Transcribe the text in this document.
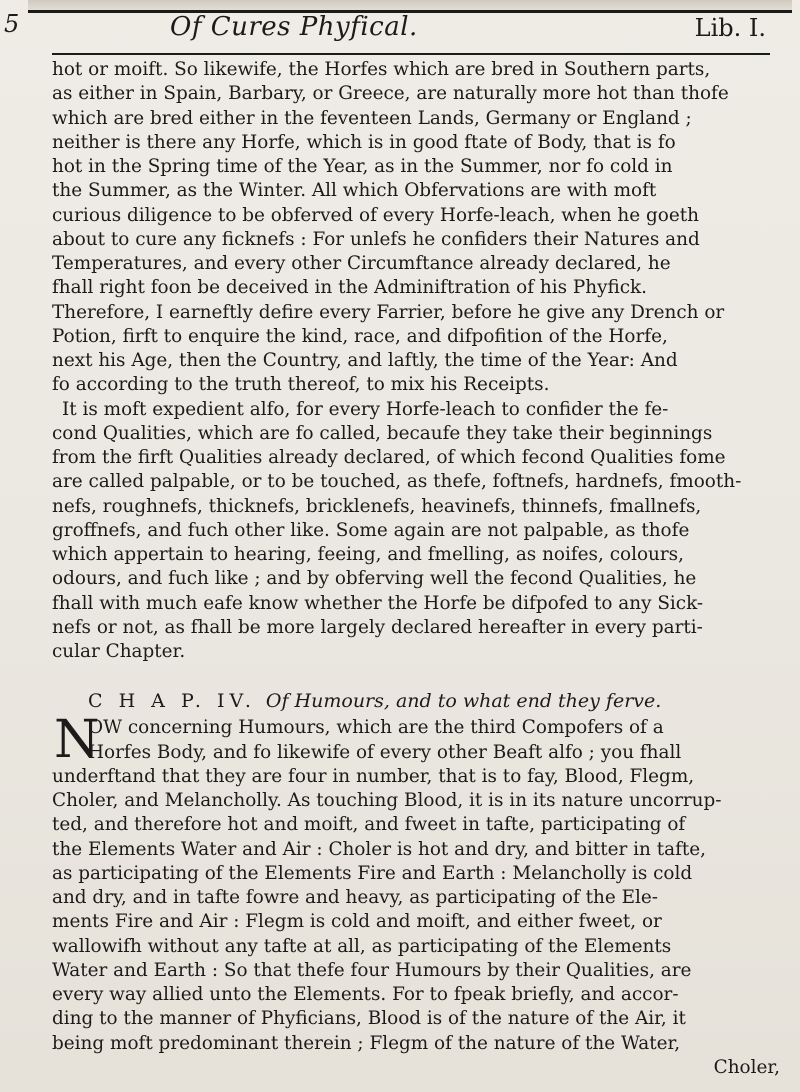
5	Of Cures Phyfical.	Lib. I.
hot or moift. So likewife, the Horfes which are bred in Southern parts,
as either in Spain, Barbary, or Greece, are naturally more hot than thofe
which are bred either in the feventeen Lands, Germany or England ;
neither is there any Horfe, which is in good ftate of Body, that is fo
hot in the Spring time of the Year, as in the Summer, nor fo cold in
the Summer, as the Winter. All which Obfervations are with moft
curious diligence to be obferved of every Horfe-leach, when he goeth
about to cure any ficknefs : For unlefs he confiders their Natures and
Temperatures, and every other Circumftance already declared, he
fhall right foon be deceived in the Adminiftration of his Phyfick.
Therefore, I earneftly defire every Farrier, before he give any Drench or
Potion, firft to enquire the kind, race, and difpofition of the Horfe,
next his Age, then the Country, and laftly, the time of the Year: And
fo according to the truth thereof, to mix his Receipts.
It is moft expedient alfo, for every Horfe-leach to confider the fe-
cond Qualities, which are fo called, becaufe they take their beginnings
from the firft Qualities already declared, of which fecond Qualities fome
are called palpable, or to be touched, as thefe, foftnefs, hardnefs, fmooth-
nefs, roughnefs, thicknefs, bricklenefs, heavinefs, thinnefs, fmallnefs,
groffnefs, and fuch other like. Some again are not palpable, as thofe
which appertain to hearing, feeing, and fmelling, as noifes, colours,
odours, and fuch like ; and by obferving well the fecond Qualities, he
fhall with much eafe know whether the Horfe be difpofed to any Sick-
nefs or not, as fhall be more largely declared hereafter in every parti-
cular Chapter.
C H A P. IV. Of Humours, and to what end they ferve.
N
OW concerning Humours, which are the third Compofers of a
Horfes Body, and fo likewife of every other Beaft alfo ; you fhall
underftand that they are four in number, that is to fay, Blood, Flegm,
Choler, and Melancholly. As touching Blood, it is in its nature uncorrup-
ted, and therefore hot and moift, and fweet in tafte, participating of
the Elements Water and Air : Choler is hot and dry, and bitter in tafte,
as participating of the Elements Fire and Earth : Melancholly is cold
and dry, and in tafte fowre and heavy, as participating of the Ele-
ments Fire and Air : Flegm is cold and moift, and either fweet, or
wallowifh without any tafte at all, as participating of the Elements
Water and Earth : So that thefe four Humours by their Qualities, are
every way allied unto the Elements. For to fpeak briefly, and accor-
ding to the manner of Phyficians, Blood is of the nature of the Air, it
being moft predominant therein ; Flegm of the nature of the Water,
Choler,
